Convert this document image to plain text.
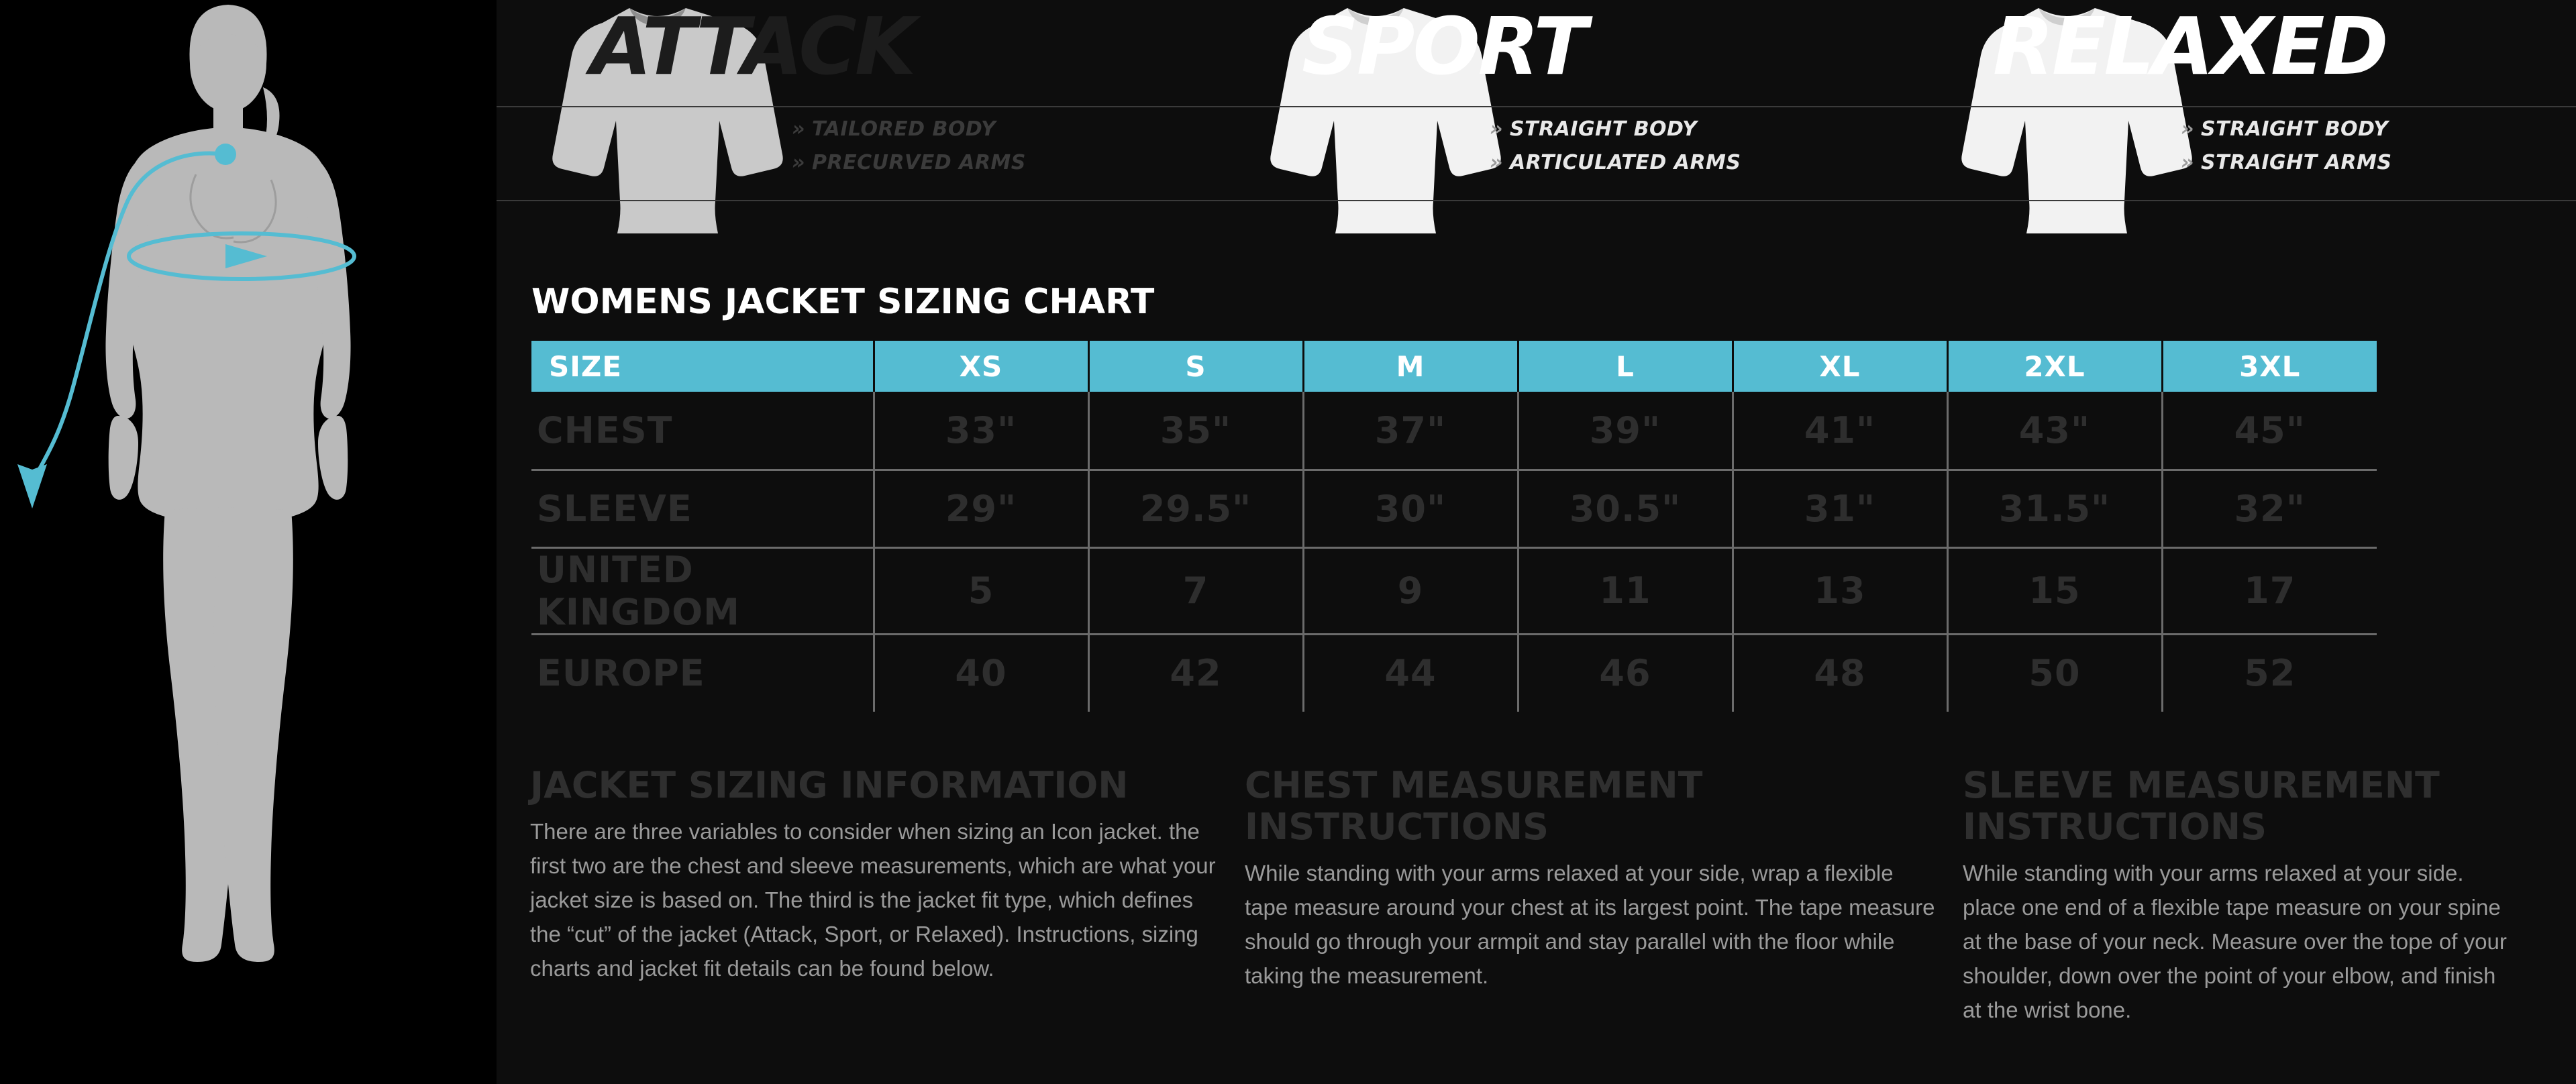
ATTACK
» TAILORED BODY
» PRECURVED ARMS
SPORT
» STRAIGHT BODY
» ARTICULATED ARMS
RELAXED
» STRAIGHT BODY
» STRAIGHT ARMS
WOMENS JACKET SIZING CHART
SIZE	XS	S	M	L	XL	2XL	3XL
CHEST	33"	35"	37"	39"	41"	43"	45"
SLEEVE	29"	29.5"	30"	30.5"	31"	31.5"	32"
UNITED KINGDOM	5	7	9	11	13	15	17
EUROPE	40	42	44	46	48	50	52
JACKET SIZING INFORMATION
There are three variables to consider when sizing an Icon jacket. the first two are the chest and sleeve measurements, which are what your jacket size is based on. The third is the jacket fit type, which defines the “cut” of the jacket (Attack, Sport, or Relaxed). Instructions, sizing charts and jacket fit details can be found below.
CHEST MEASUREMENT INSTRUCTIONS
While standing with your arms relaxed at your side, wrap a flexible tape measure around your chest at its largest point. The tape measure should go through your armpit and stay parallel with the floor while taking the measurement.
SLEEVE MEASUREMENT INSTRUCTIONS
While standing with your arms relaxed at your side. place one end of a flexible tape measure on your spine at the base of your neck. Measure over the tope of your shoulder, down over the point of your elbow, and finish at the wrist bone.
